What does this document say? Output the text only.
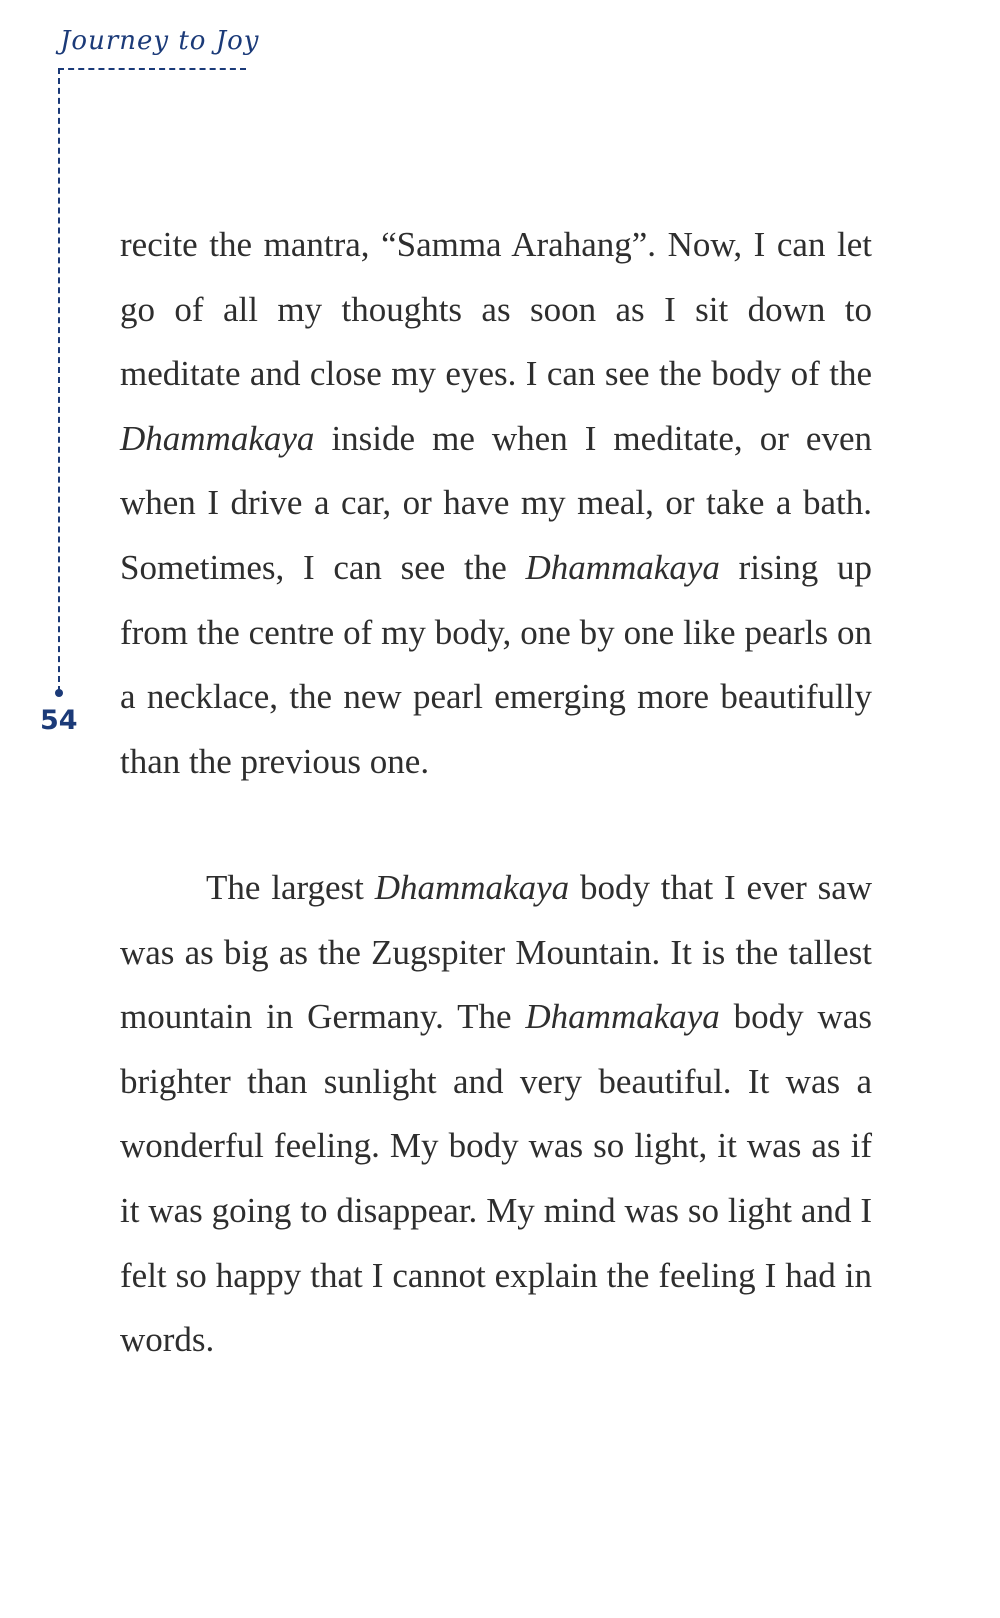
Journey to Joy
54

recite the mantra, “Samma Arahang”. Now, I can let go of all my thoughts as soon as I sit down to meditate and close my eyes. I can see the body of the Dhammakaya inside me when I meditate, or even when I drive a car, or have my meal, or take a bath. Sometimes, I can see the Dhammakaya rising up from the centre of my body, one by one like pearls on a necklace, the new pearl emerging more beautifully than the previous one.

The largest Dhammakaya body that I ever saw was as big as the Zugspiter Mountain. It is the tallest mountain in Germany. The Dhammakaya body was brighter than sunlight and very beautiful. It was a wonderful feeling. My body was so light, it was as if it was going to disappear. My mind was so light and I felt so happy that I cannot explain the feeling I had in words.
